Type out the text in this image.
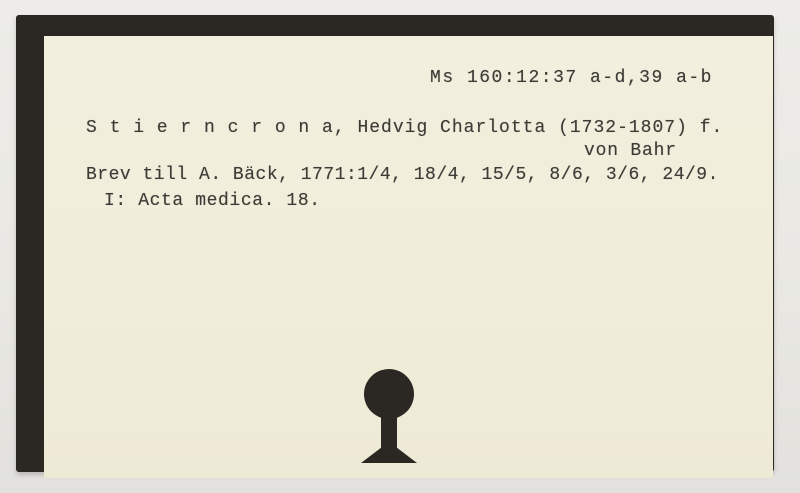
Ms 160:12:37 a-d,39 a-b
S t i e r n c r o n a, Hedvig Charlotta (1732-1807) f.
von Bahr
Brev till A. Bäck, 1771:1/4, 18/4, 15/5, 8/6, 3/6, 24/9.
I: Acta medica. 18.
